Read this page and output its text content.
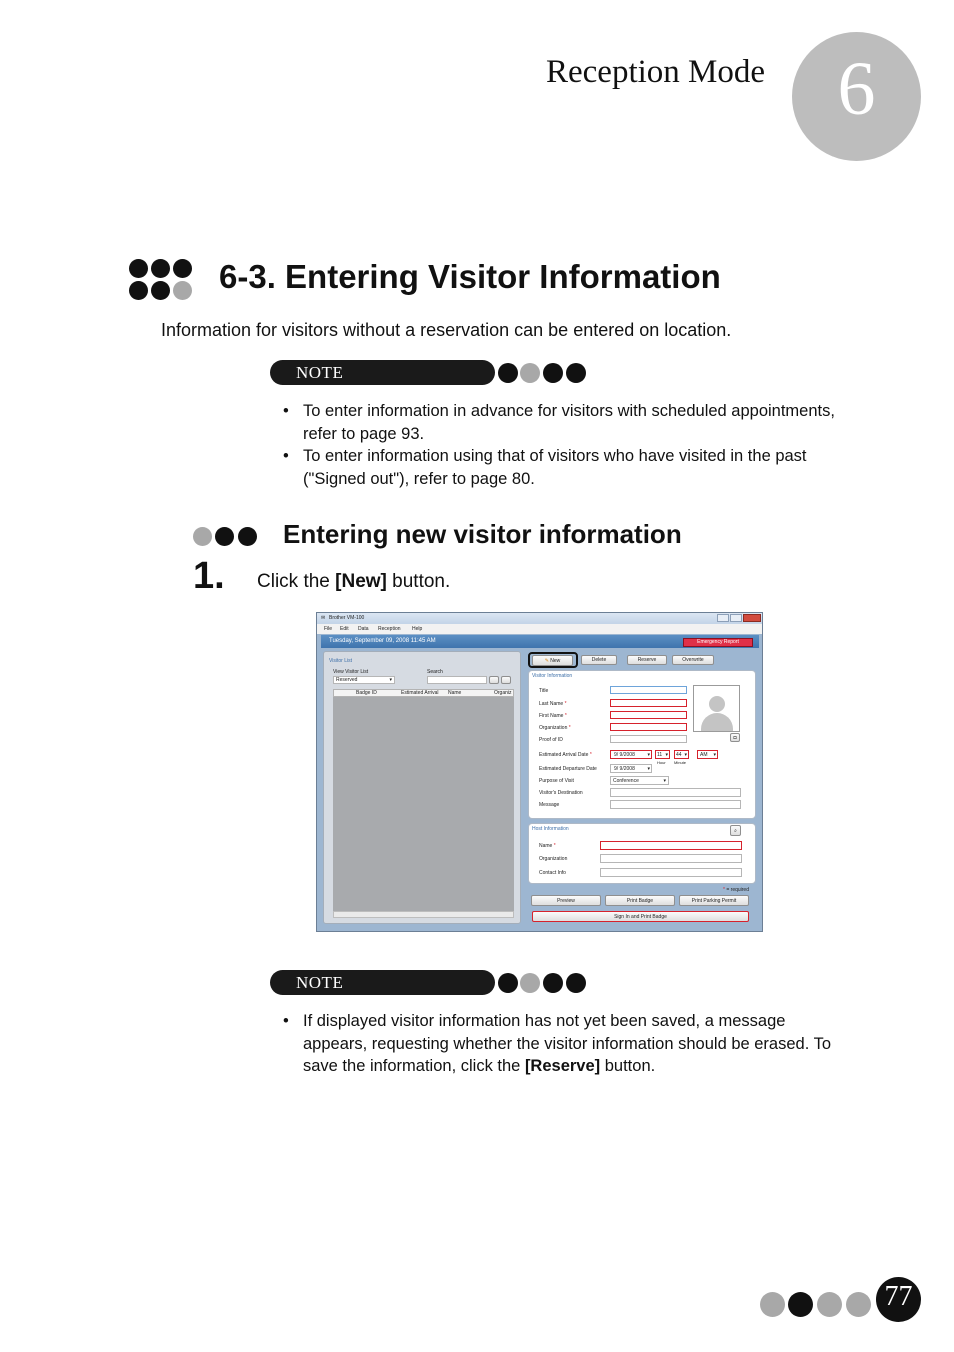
Reception Mode 6
6-3. Entering Visitor Information
Information for visitors without a reservation can be entered on location.
NOTE
• To enter information in advance for visitors with scheduled appointments,
refer to page 93.
• To enter information using that of visitors who have visited in the past
("Signed out"), refer to page 80.
Entering new visitor information
1. Click the [New] button.
✉ Brother VM-100
File Edit Data Reception Help
Tuesday, September 09, 2008 11:45 AM	Emergency Report
Visitor List
View Visitor List
Reserved	▾
Search
Badge ID	Estimated Arrival Name	Organiz
✎ New	Delete	Reserve	Overwrite
Visitor Information
Title
Last Name *
First Name *
Organization *
Proof of ID	◘
Estimated Arrival Date *	9/ 9/2008	▾ 11 ▾ 44 ▾	AM ▾
Hour Minute
Estimated Departure Date	9/ 9/2008	▾
Purpose of Visit	Conference	▾
Visitor's Destination
Message
Host Information	⌕
Name *
Organization
Contact Info
* = required
Preview	Print Badge	Print Parking Permit
Sign In and Print Badge
NOTE
• If displayed visitor information has not yet been saved, a message
appears, requesting whether the visitor information should be erased. To
save the information, click the [Reserve] button.
77
